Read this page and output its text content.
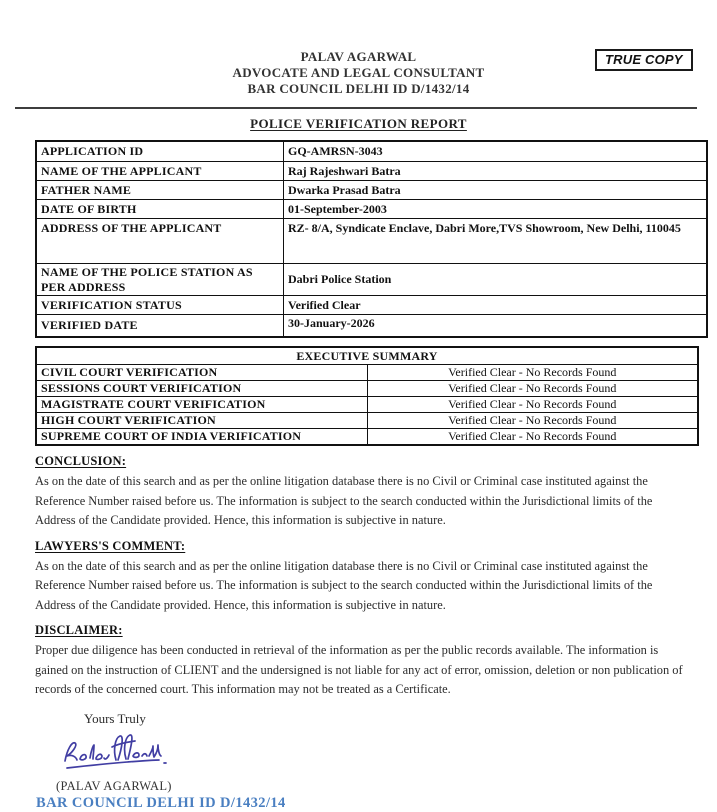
TRUE COPY
PALAV AGARWAL
ADVOCATE AND LEGAL CONSULTANT
BAR COUNCIL DELHI ID D/1432/14
POLICE VERIFICATION REPORT
APPLICATION ID	GQ-AMRSN-3043
NAME OF THE APPLICANT	Raj Rajeshwari Batra
FATHER NAME	Dwarka Prasad Batra
DATE OF BIRTH	01-September-2003
ADDRESS OF THE APPLICANT	RZ- 8/A, Syndicate Enclave, Dabri More,TVS Showroom, New Delhi, 110045
NAME OF THE POLICE STATION AS PER ADDRESS	Dabri Police Station
VERIFICATION STATUS	Verified Clear
VERIFIED DATE	30-January-2026
EXECUTIVE SUMMARY	
CIVIL COURT VERIFICATION	Verified Clear - No Records Found
SESSIONS COURT VERIFICATION	Verified Clear - No Records Found
MAGISTRATE COURT VERIFICATION	Verified Clear - No Records Found
HIGH COURT VERIFICATION	Verified Clear - No Records Found
SUPREME COURT OF INDIA VERIFICATION	Verified Clear - No Records Found
CONCLUSION:

As on the date of this search and as per the online litigation database there is no Civil or Criminal case instituted against the Reference Number raised before us. The information is subject to the search conducted within the Jurisdictional limits of the Address of the Candidate provided. Hence, this information is subjective in nature.

LAWYERS'S COMMENT:

As on the date of this search and as per the online litigation database there is no Civil or Criminal case instituted against the Reference Number raised before us. The information is subject to the search conducted within the Jurisdictional limits of the Address of the Candidate provided. Hence, this information is subjective in nature.

DISCLAIMER:

Proper due diligence has been conducted in retrieval of the information as per the public records available. The information is gained on the instruction of CLIENT and the undersigned is not liable for any act of error, omission, deletion or non publication of records of the concerned court. This information may not be treated as a Certificate.

Yours Truly
(PALAV AGARWAL)
BAR COUNCIL DELHI ID D/1432/14
